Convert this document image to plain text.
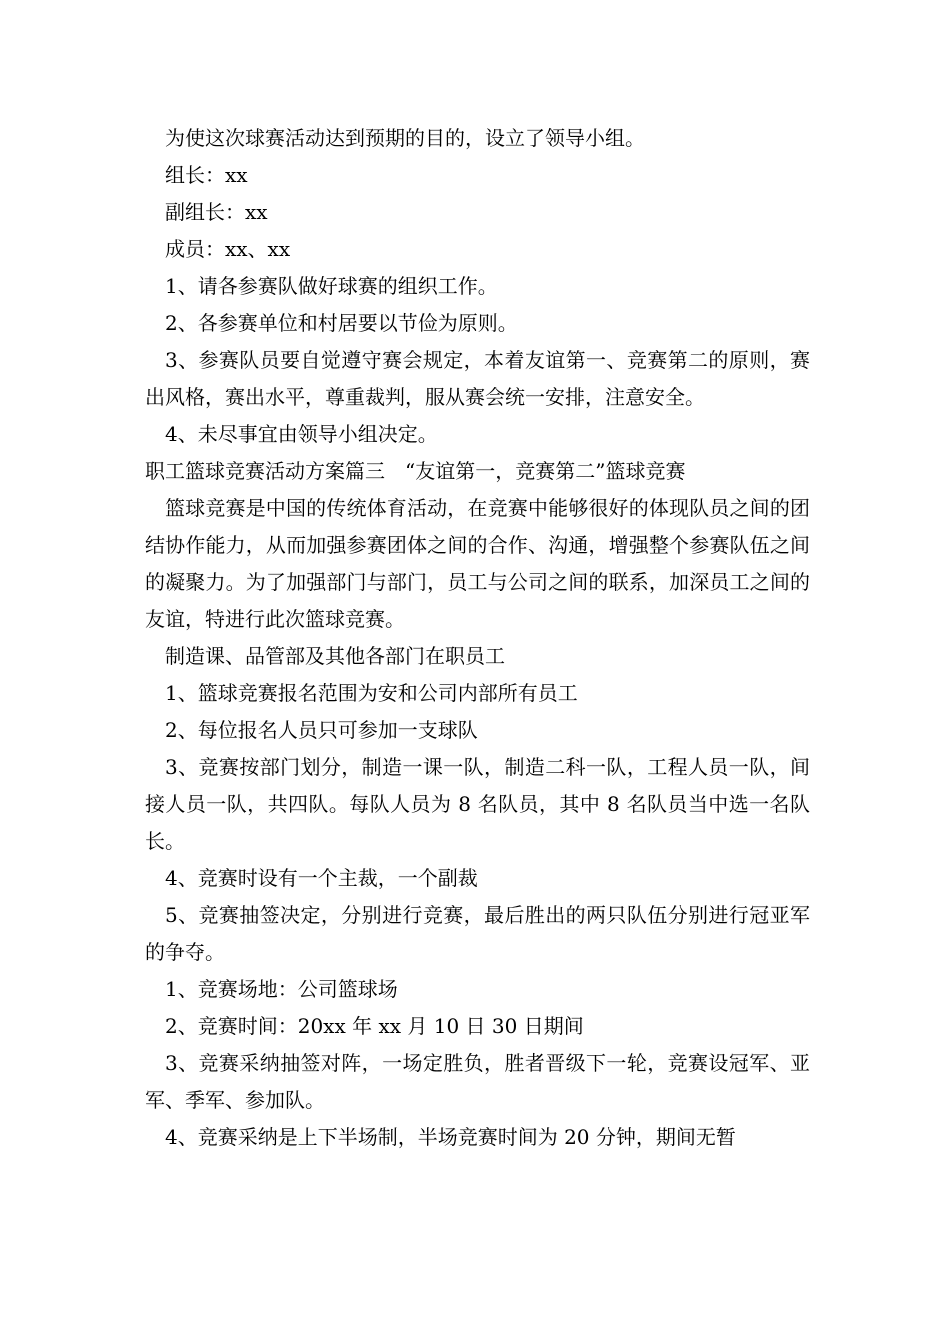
为使这次球赛活动达到预期的目的，设立了领导小组。

组长：xx

副组长：xx

成员：xx、xx

1、请各参赛队做好球赛的组织工作。

2、各参赛单位和村居要以节俭为原则。

3、参赛队员要自觉遵守赛会规定，本着友谊第一、竞赛第二的原则，赛出风格，赛出水平，尊重裁判，服从赛会统一安排，注意安全。

4、未尽事宜由领导小组决定。

职工篮球竞赛活动方案篇三　“友谊第一，竞赛第二”篮球竞赛

篮球竞赛是中国的传统体育活动，在竞赛中能够很好的体现队员之间的团结协作能力，从而加强参赛团体之间的合作、沟通，增强整个参赛队伍之间的凝聚力。为了加强部门与部门，员工与公司之间的联系，加深员工之间的友谊，特进行此次篮球竞赛。

制造课、品管部及其他各部门在职员工

1、篮球竞赛报名范围为安和公司内部所有员工

2、每位报名人员只可参加一支球队

3、竞赛按部门划分，制造一课一队，制造二科一队，工程人员一队，间接人员一队，共四队。每队人员为 8 名队员，其中 8 名队员当中选一名队长。

4、竞赛时设有一个主裁，一个副裁

5、竞赛抽签决定，分别进行竞赛，最后胜出的两只队伍分别进行冠亚军的争夺。

1、竞赛场地：公司篮球场

2、竞赛时间：20xx 年 xx 月 10 日 30 日期间

3、竞赛采纳抽签对阵，一场定胜负，胜者晋级下一轮，竞赛设冠军、亚军、季军、参加队。

4、竞赛采纳是上下半场制，半场竞赛时间为 20 分钟，期间无暂
